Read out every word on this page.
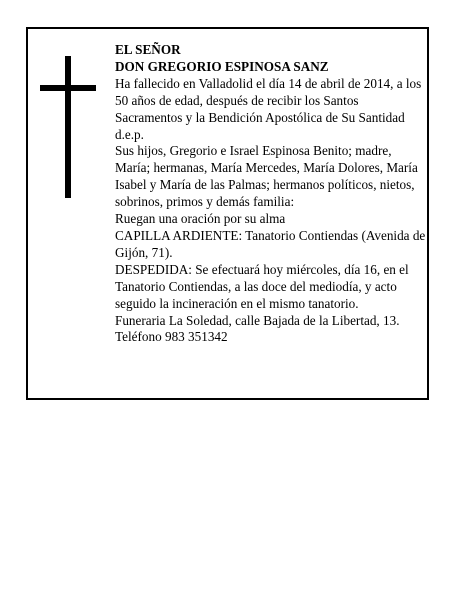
EL SEÑOR

DON GREGORIO ESPINOSA SANZ

Ha fallecido en Valladolid el día 14 de abril de 2014, a los 50 años de edad, después de recibir los Santos Sacramentos y la Bendición Apostólica de Su Santidad d.e.p.

Sus hijos, Gregorio e Israel Espinosa Benito; madre, María; hermanas, María Mercedes, María Dolores, María Isabel y María de las Palmas; hermanos políticos, nietos, sobrinos, primos y demás familia:

Ruegan una oración por su alma

CAPILLA ARDIENTE: Tanatorio Contiendas (Avenida de Gijón, 71).

DESPEDIDA: Se efectuará hoy miércoles, día 16, en el Tanatorio Contiendas, a las doce del mediodía, y acto seguido la incineración en el mismo tanatorio.

Funeraria La Soledad, calle Bajada de la Libertad, 13. Teléfono 983 351342
